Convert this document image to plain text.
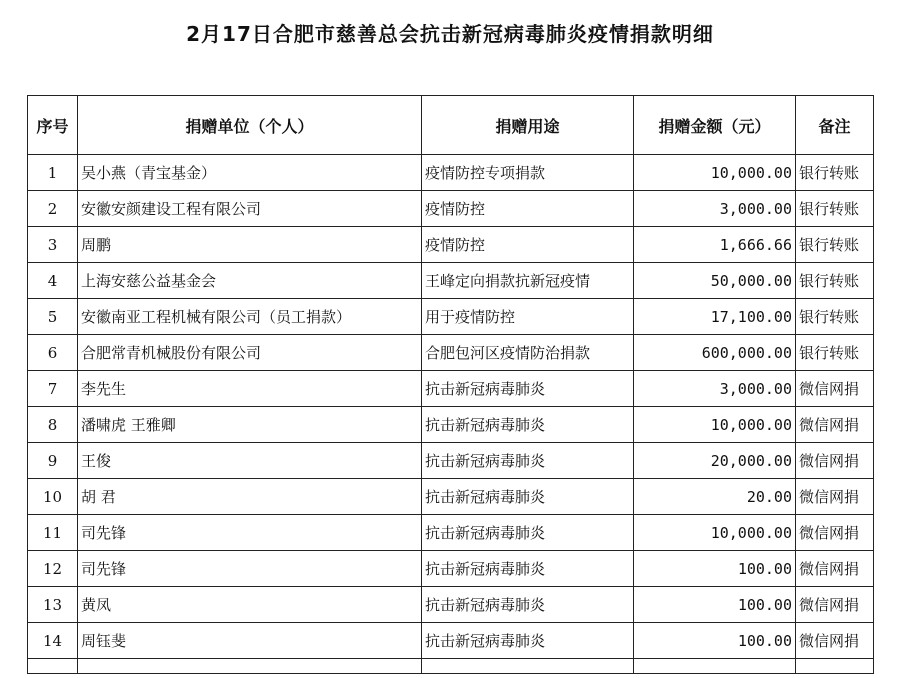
2月17日合肥市慈善总会抗击新冠病毒肺炎疫情捐款明细
序号	捐赠单位（个人）	捐赠用途	捐赠金额（元）	备注
1	吴小燕（青宝基金）	疫情防控专项捐款	10,000.00	银行转账
2	安徽安颜建设工程有限公司	疫情防控	3,000.00	银行转账
3	周鹏	疫情防控	1,666.66	银行转账
4	上海安慈公益基金会	王峰定向捐款抗新冠疫情	50,000.00	银行转账
5	安徽南亚工程机械有限公司（员工捐款）	用于疫情防控	17,100.00	银行转账
6	合肥常青机械股份有限公司	合肥包河区疫情防治捐款	600,000.00	银行转账
7	李先生	抗击新冠病毒肺炎	3,000.00	微信网捐
8	潘啸虎 王雅卿	抗击新冠病毒肺炎	10,000.00	微信网捐
9	王俊	抗击新冠病毒肺炎	20,000.00	微信网捐
10	胡 君	抗击新冠病毒肺炎	20.00	微信网捐
11	司先锋	抗击新冠病毒肺炎	10,000.00	微信网捐
12	司先锋	抗击新冠病毒肺炎	100.00	微信网捐
13	黄凤	抗击新冠病毒肺炎	100.00	微信网捐
14	周钰斐	抗击新冠病毒肺炎	100.00	微信网捐
